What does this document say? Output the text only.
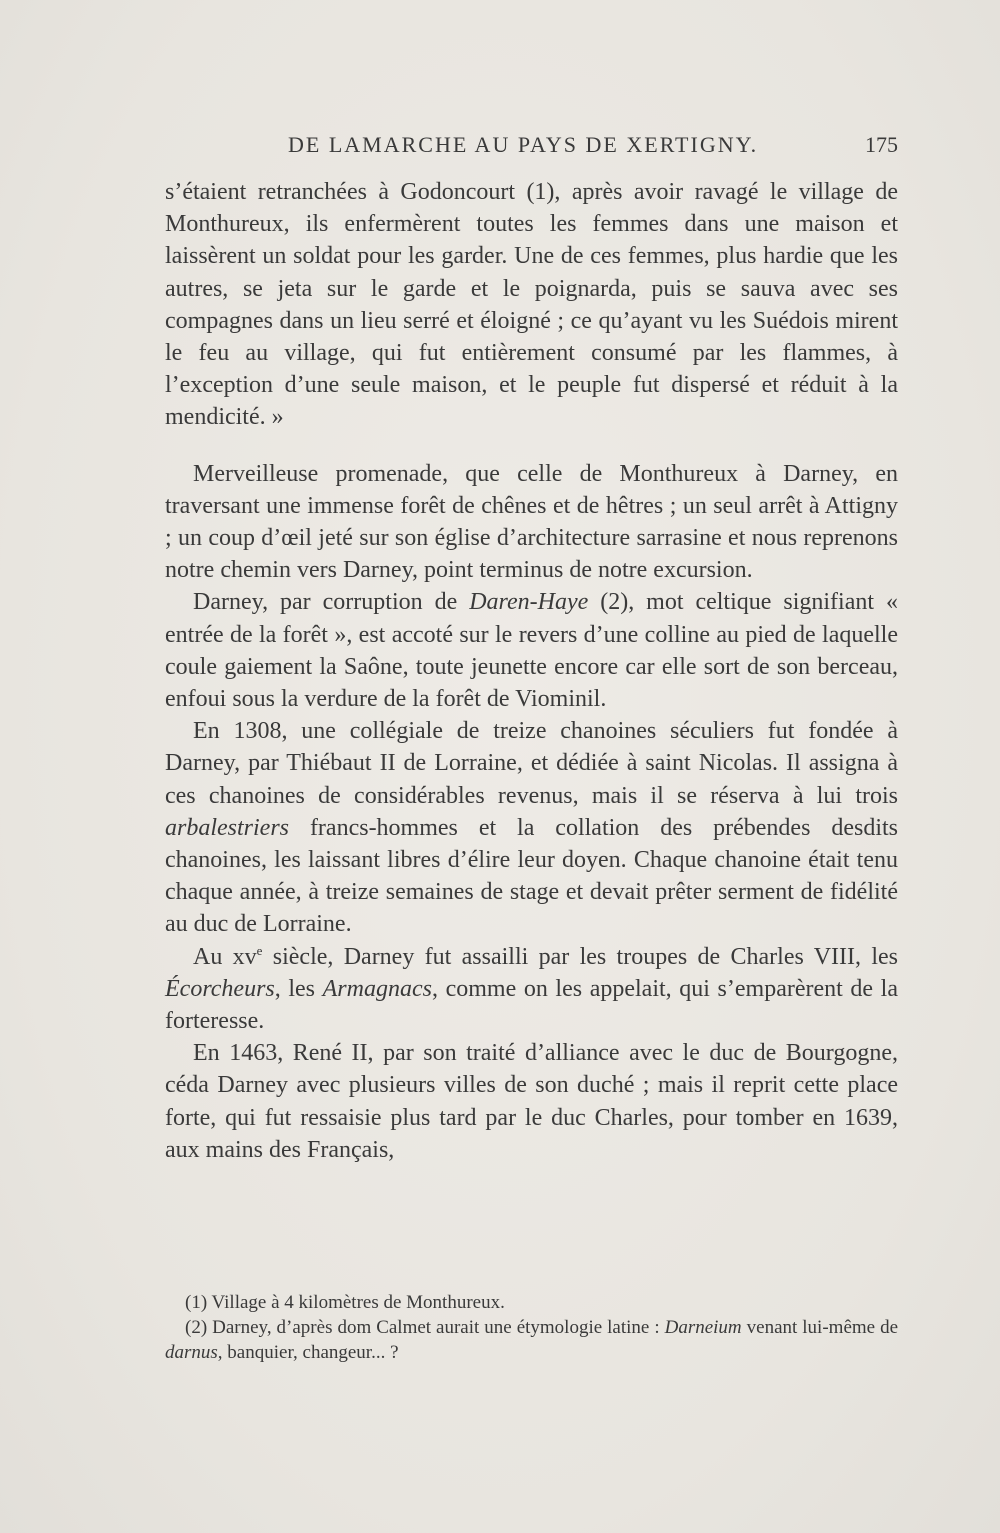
DE LAMARCHE AU PAYS DE XERTIGNY.	175

s’étaient retranchées à Godoncourt (1), après avoir ravagé le village de Monthureux, ils enfermèrent toutes les femmes dans une maison et laissèrent un soldat pour les garder. Une de ces femmes, plus hardie que les autres, se jeta sur le garde et le poignarda, puis se sauva avec ses compagnes dans un lieu serré et éloigné ; ce qu’ayant vu les Suédois mirent le feu au village, qui fut entièrement consumé par les flammes, à l’exception d’une seule maison, et le peuple fut dispersé et réduit à la mendicité. »

Merveilleuse promenade, que celle de Monthureux à Darney, en traversant une immense forêt de chênes et de hêtres ; un seul arrêt à Attigny ; un coup d’œil jeté sur son église d’architecture sarrasine et nous reprenons notre chemin vers Darney, point terminus de notre excursion.

Darney, par corruption de Daren-Haye (2), mot celtique signifiant « entrée de la forêt », est accoté sur le revers d’une colline au pied de laquelle coule gaiement la Saône, toute jeunette encore car elle sort de son berceau, enfoui sous la verdure de la forêt de Viominil.

En 1308, une collégiale de treize chanoines séculiers fut fondée à Darney, par Thiébaut II de Lorraine, et dédiée à saint Nicolas. Il assigna à ces chanoines de considérables revenus, mais il se réserva à lui trois arbalestriers francs-hommes et la collation des prébendes desdits chanoines, les laissant libres d’élire leur doyen. Chaque chanoine était tenu chaque année, à treize semaines de stage et devait prêter serment de fidélité au duc de Lorraine.

Au $xv^e$ siècle, Darney fut assailli par les troupes de Charles VIII, les Écorcheurs, les Armagnacs, comme on les appelait, qui s’emparèrent de la forteresse.

En 1463, René II, par son traité d’alliance avec le duc de Bourgogne, céda Darney avec plusieurs villes de son duché ; mais il reprit cette place forte, qui fut ressaisie plus tard par le duc Charles, pour tomber en 1639, aux mains des Français,

(1) Village à 4 kilomètres de Monthureux.

(2) Darney, d’après dom Calmet aurait une étymologie latine : Darneium venant lui-même de darnus, banquier, changeur... ?
